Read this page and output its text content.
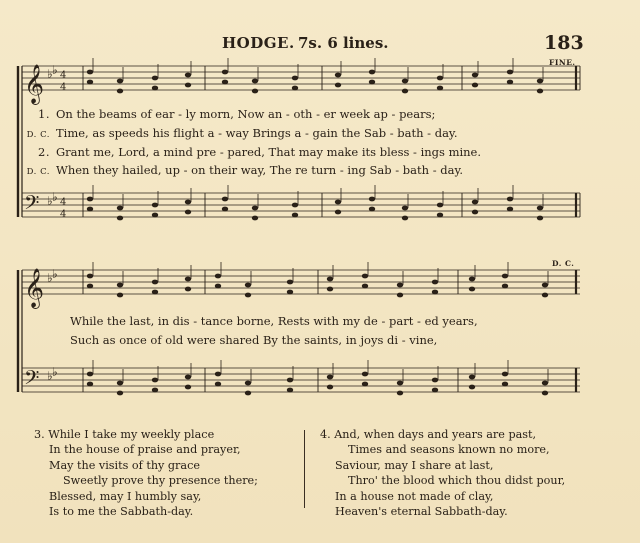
HODGE. 7s. 6 lines.	183
𝄞
𝄢
𝄞
𝄢
♭ ♭ 4
4
♭ ♭ 4
4
♭ ♭
♭ ♭
FINE.
D. C.
1. On the beams of ear - ly morn, Now an - oth - er week ap - pears;
D. C. Time, as speeds his flight a - way Brings a - gain the Sab - bath - day.
2. Grant me, Lord, a mind pre - pared, That may make its bless - ings mine.
D. C. When they hailed, up - on their way, The re turn - ing Sab - bath - day.
While the last, in dis - tance borne, Rests with my de - part - ed years,
Such as once of old were shared By the saints, in joys di - vine,
3. While I take my weekly place
In the house of praise and prayer,
May the visits of thy grace
Sweetly prove thy presence there;
Blessed, may I humbly say,
Is to me the Sabbath-day.
4. And, when days and years are past,
Times and seasons known no more,
Saviour, may I share at last,
Thro' the blood which thou didst pour,
In a house not made of clay,
Heaven's eternal Sabbath-day.
